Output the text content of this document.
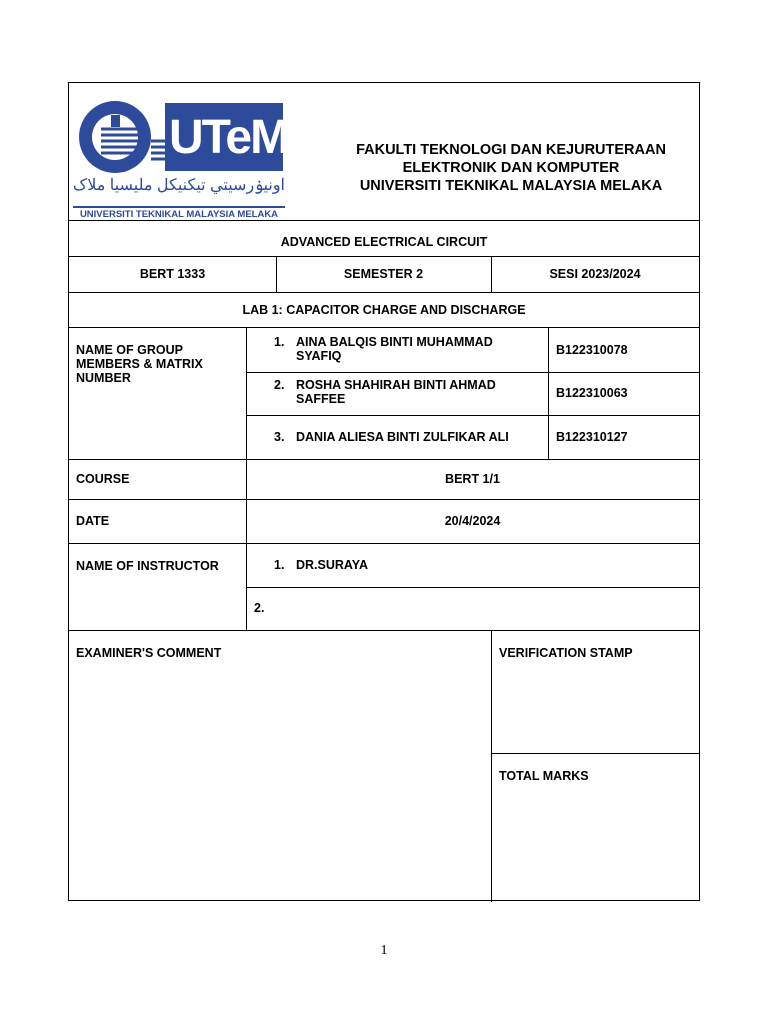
UTeM
اونيۏرسيتي تيكنيكل مليسيا ملاک
UNIVERSITI TEKNIKAL MALAYSIA MELAKA
FAKULTI TEKNOLOGI DAN KEJURUTERAAN
ELEKTRONIK DAN KOMPUTER
UNIVERSITI TEKNIKAL MALAYSIA MELAKA
ADVANCED ELECTRICAL CIRCUIT
BERT 1333	SEMESTER 2	SESI 2023/2024
LAB 1: CAPACITOR CHARGE AND DISCHARGE
NAME OF GROUP MEMBERS & MATRIX NUMBER
1. AINA BALQIS BINTI MUHAMMAD SYAFIQ	B122310078
2. ROSHA SHAHIRAH BINTI AHMAD SAFFEE	B122310063
3. DANIA ALIESA BINTI ZULFIKAR ALI	B122310127
COURSE	BERT 1/1
DATE	20/4/2024
NAME OF INSTRUCTOR	1. DR.SURAYA
2.
EXAMINER'S COMMENT	VERIFICATION STAMP
TOTAL MARKS
1
